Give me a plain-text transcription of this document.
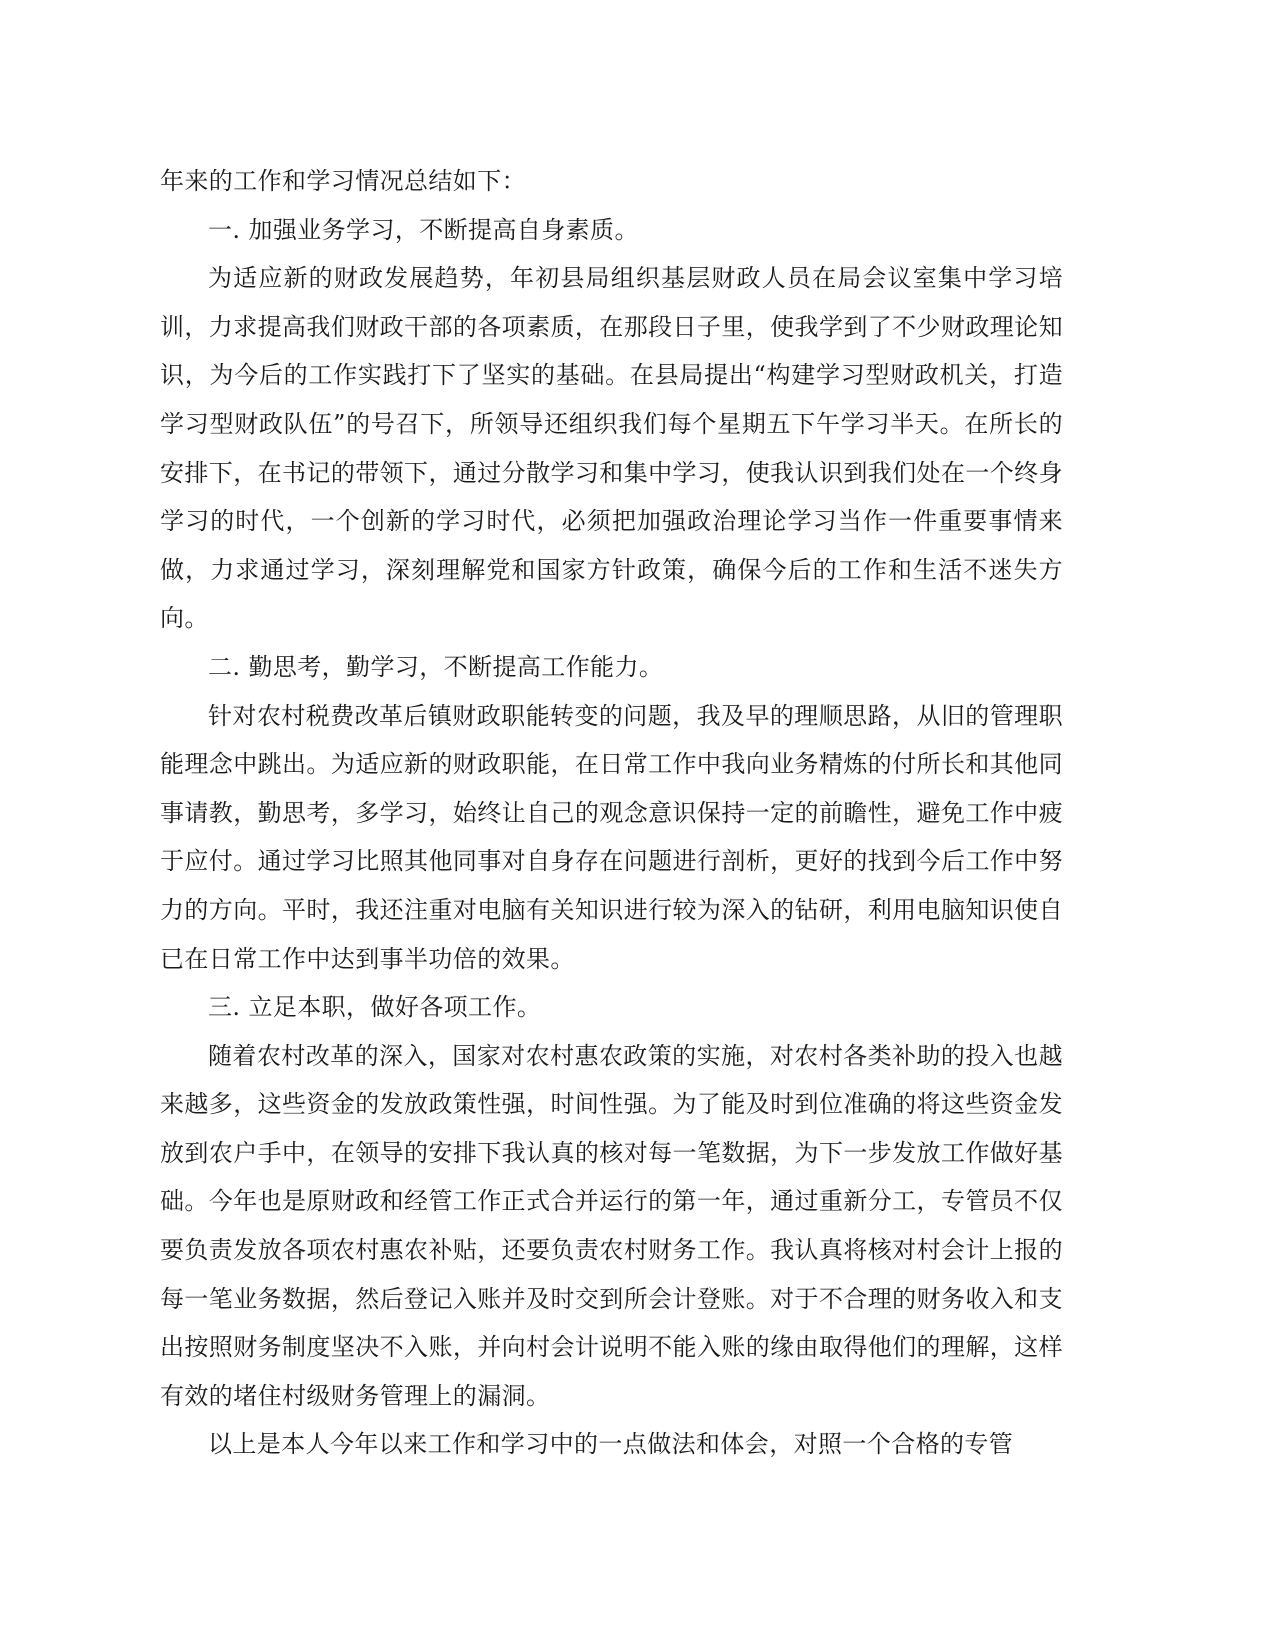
年来的工作和学习情况总结如下：

一. 加强业务学习，不断提高自身素质。

为适应新的财政发展趋势，年初县局组织基层财政人员在局会议室集中学习培训，力求提高我们财政干部的各项素质，在那段日子里，使我学到了不少财政理论知识，为今后的工作实践打下了坚实的基础。在县局提出“构建学习型财政机关，打造学习型财政队伍”的号召下，所领导还组织我们每个星期五下午学习半天。在所长的安排下，在书记的带领下，通过分散学习和集中学习，使我认识到我们处在一个终身学习的时代，一个创新的学习时代，必须把加强政治理论学习当作一件重要事情来做，力求通过学习，深刻理解党和国家方针政策，确保今后的工作和生活不迷失方向。

二. 勤思考，勤学习，不断提高工作能力。

针对农村税费改革后镇财政职能转变的问题，我及早的理顺思路，从旧的管理职能理念中跳出。为适应新的财政职能，在日常工作中我向业务精炼的付所长和其他同事请教，勤思考，多学习，始终让自己的观念意识保持一定的前瞻性，避免工作中疲于应付。通过学习比照其他同事对自身存在问题进行剖析，更好的找到今后工作中努力的方向。平时，我还注重对电脑有关知识进行较为深入的钻研，利用电脑知识使自已在日常工作中达到事半功倍的效果。

三. 立足本职，做好各项工作。

随着农村改革的深入，国家对农村惠农政策的实施，对农村各类补助的投入也越来越多，这些资金的发放政策性强，时间性强。为了能及时到位准确的将这些资金发放到农户手中，在领导的安排下我认真的核对每一笔数据，为下一步发放工作做好基础。今年也是原财政和经管工作正式合并运行的第一年，通过重新分工，专管员不仅要负责发放各项农村惠农补贴，还要负责农村财务工作。我认真将核对村会计上报的每一笔业务数据，然后登记入账并及时交到所会计登账。对于不合理的财务收入和支出按照财务制度坚决不入账，并向村会计说明不能入账的缘由取得他们的理解，这样有效的堵住村级财务管理上的漏洞。

以上是本人今年以来工作和学习中的一点做法和体会，对照一个合格的专管
